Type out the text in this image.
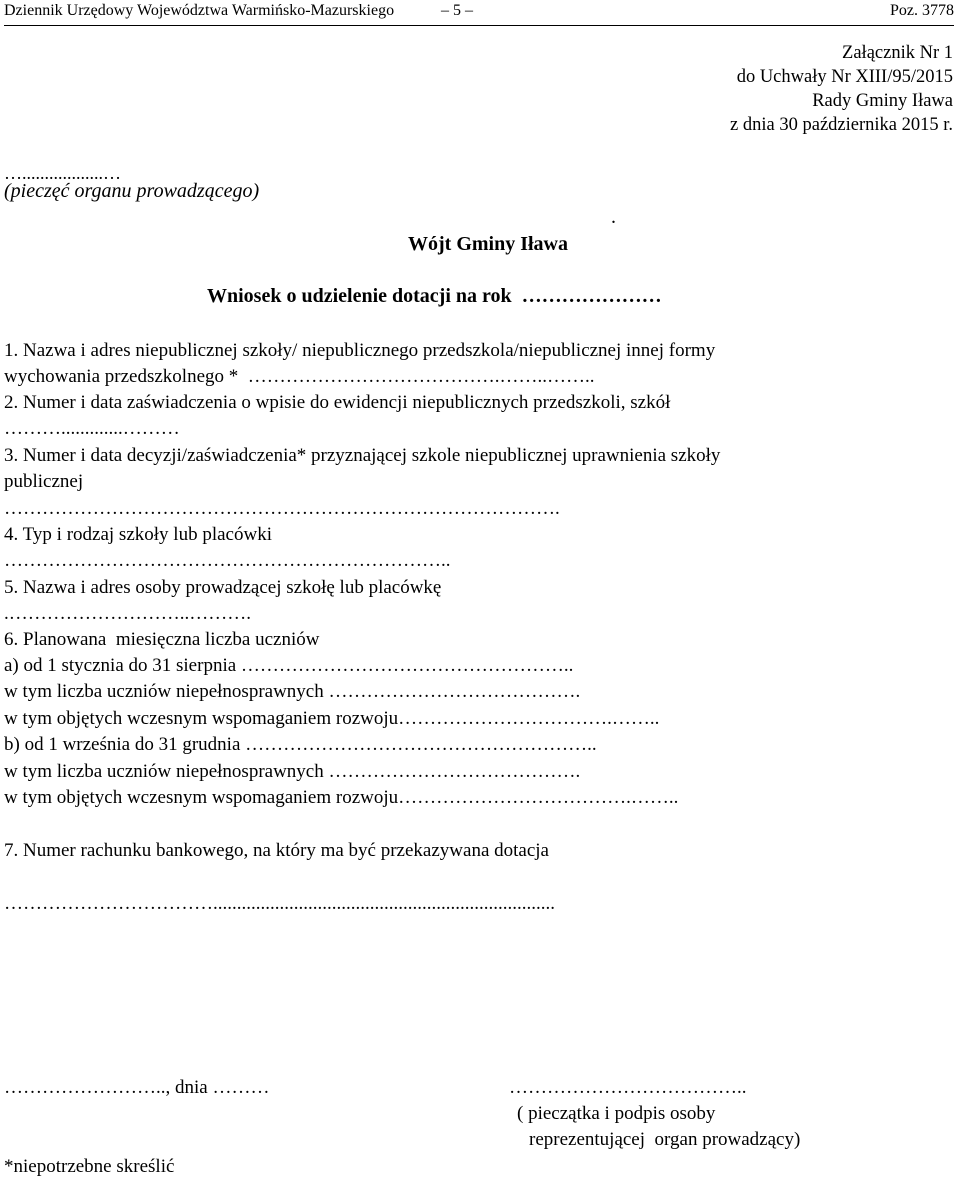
Dziennik Urzędowy Województwa Warmińsko-Mazurskiego	– 5 –	Poz. 3778
Załącznik Nr 1
do Uchwały Nr XIII/95/2015
Rady Gminy Iława
z dnia 30 października 2015 r.
…..................…
(pieczęć organu prowadzącego)
.
Wójt Gminy Iława
Wniosek o udzielenie dotacji na rok  …………………
1. Nazwa i adres niepublicznej szkoły/ niepublicznego przedszkola/niepublicznej innej formy
wychowania przedszkolnego *  ………………………………….……..……..
2. Numer i data zaświadczenia o wpisie do ewidencji niepublicznych przedszkoli, szkół
……….............………
3. Numer i data decyzji/zaświadczenia* przyznającej szkole niepublicznej uprawnienia szkoły
publicznej
…………………………………………………………………………….
4. Typ i rodzaj szkoły lub placówki
……………………………………………………………..
5. Nazwa i adres osoby prowadzącej szkołę lub placówkę
.………………………..……….
6. Planowana  miesięczna liczba uczniów
a) od 1 stycznia do 31 sierpnia ……………………………………………..
w tym liczba uczniów niepełnosprawnych ………………………………….
w tym objętych wczesnym wspomaganiem rozwoju…………………………….……..
b) od 1 września do 31 grudnia ………………………………………………..
w tym liczba uczniów niepełnosprawnych ………………………………….
w tym objętych wczesnym wspomaganiem rozwoju……………………………….……..
7. Numer rachunku bankowego, na który ma być przekazywana dotacja
……………………………........................................................................
…………………….., dnia ………	………………………………..
( pieczątka i podpis osoby
reprezentującej  organ prowadzący)
*niepotrzebne skreślić
